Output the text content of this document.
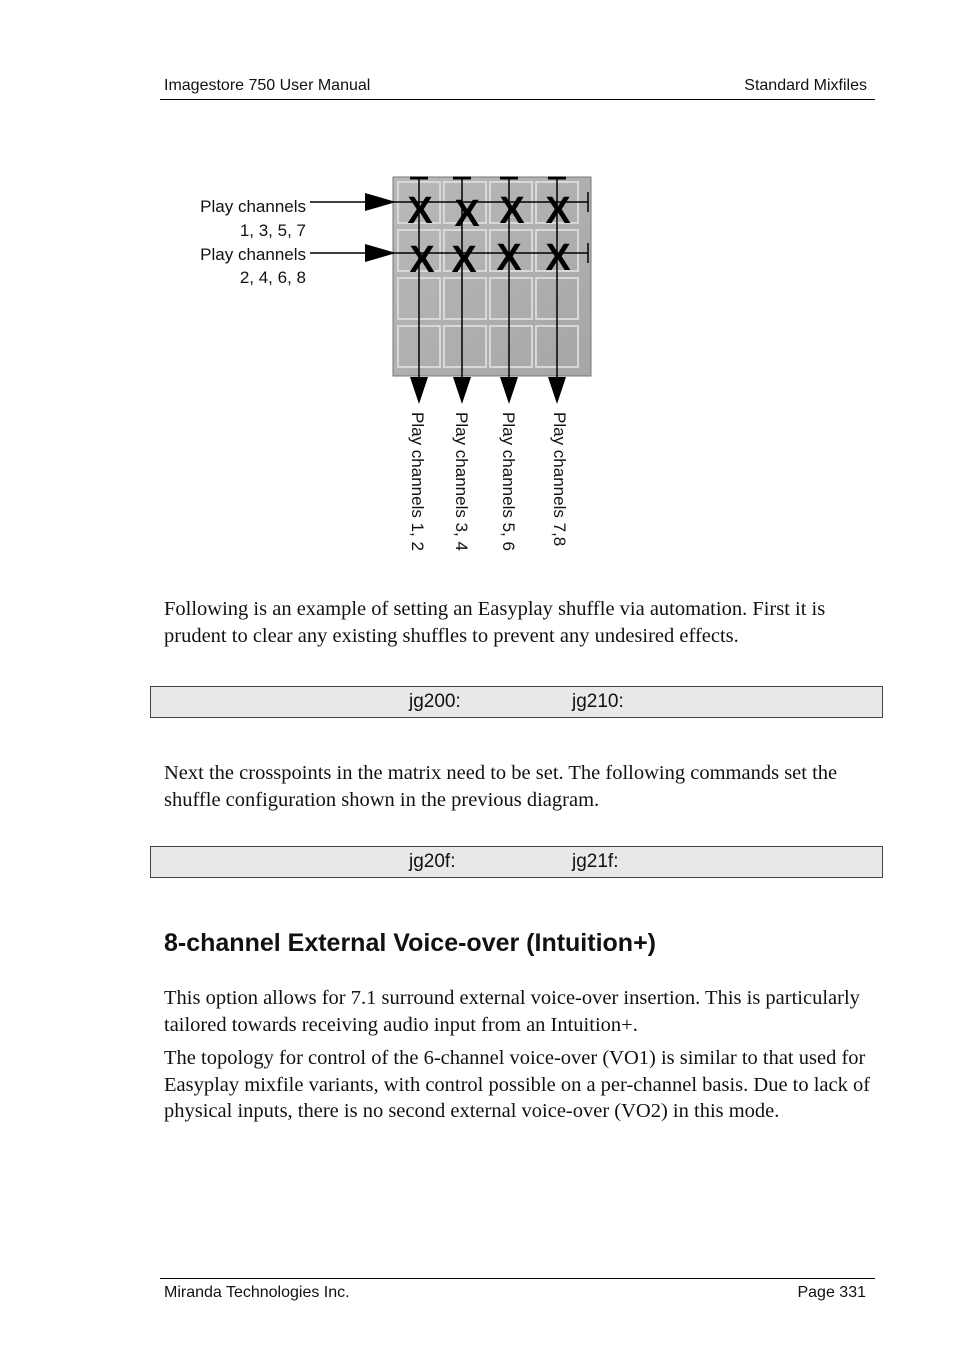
Imagestore 750 User Manual	Standard Mixfiles
X X X X
X X X X
Play channels
1, 3, 5, 7
Play channels
2, 4, 6, 8
Play channels 1, 2 Play channels 3, 4 Play channels 5, 6 Play channels 7,8
Following is an example of setting an Easyplay shuffle via automation. First it is prudent to clear any existing shuffles to prevent any undesired effects.
jg200:	jg210:
Next the crosspoints in the matrix need to be set. The following commands set the shuffle configuration shown in the previous diagram.
jg20f:	jg21f:
8-channel External Voice-over (Intuition+)
This option allows for 7.1 surround external voice-over insertion. This is particularly tailored towards receiving audio input from an Intuition+.
The topology for control of the 6-channel voice-over (VO1) is similar to that used for Easyplay mixfile variants, with control possible on a per-channel basis. Due to lack of physical inputs, there is no second external voice-over (VO2) in this mode.
Miranda Technologies Inc.	Page 331
